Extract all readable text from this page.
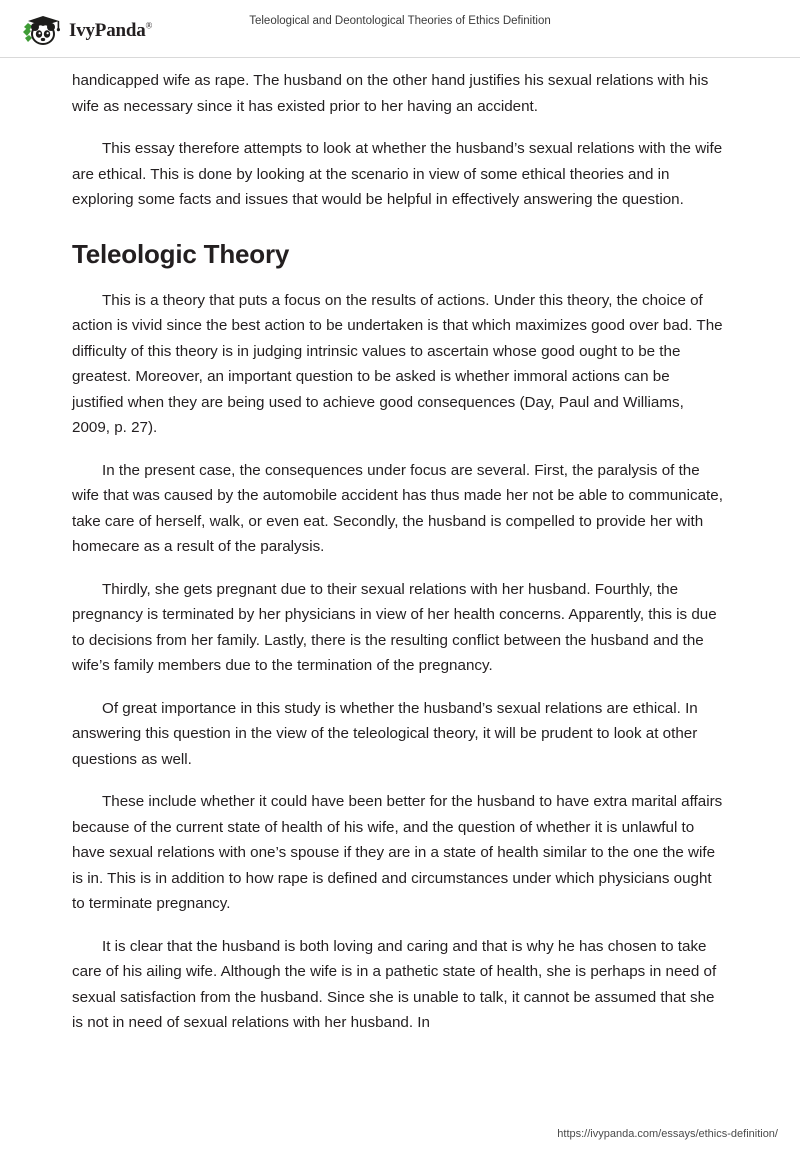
IvyPanda®	Teleological and Deontological Theories of Ethics Definition

handicapped wife as rape. The husband on the other hand justifies his sexual relations with his wife as necessary since it has existed prior to her having an accident.

This essay therefore attempts to look at whether the husband’s sexual relations with the wife are ethical. This is done by looking at the scenario in view of some ethical theories and in exploring some facts and issues that would be helpful in effectively answering the question.

Teleologic Theory

This is a theory that puts a focus on the results of actions. Under this theory, the choice of action is vivid since the best action to be undertaken is that which maximizes good over bad. The difficulty of this theory is in judging intrinsic values to ascertain whose good ought to be the greatest. Moreover, an important question to be asked is whether immoral actions can be justified when they are being used to achieve good consequences (Day, Paul and Williams, 2009, p. 27).

In the present case, the consequences under focus are several. First, the paralysis of the wife that was caused by the automobile accident has thus made her not be able to communicate, take care of herself, walk, or even eat. Secondly, the husband is compelled to provide her with homecare as a result of the paralysis.

Thirdly, she gets pregnant due to their sexual relations with her husband. Fourthly, the pregnancy is terminated by her physicians in view of her health concerns. Apparently, this is due to decisions from her family. Lastly, there is the resulting conflict between the husband and the wife’s family members due to the termination of the pregnancy.

Of great importance in this study is whether the husband’s sexual relations are ethical. In answering this question in the view of the teleological theory, it will be prudent to look at other questions as well.

These include whether it could have been better for the husband to have extra marital affairs because of the current state of health of his wife, and the question of whether it is unlawful to have sexual relations with one’s spouse if they are in a state of health similar to the one the wife is in. This is in addition to how rape is defined and circumstances under which physicians ought to terminate pregnancy.

It is clear that the husband is both loving and caring and that is why he has chosen to take care of his ailing wife. Although the wife is in a pathetic state of health, she is perhaps in need of sexual satisfaction from the husband. Since she is unable to talk, it cannot be assumed that she is not in need of sexual relations with her husband. In

https://ivypanda.com/essays/ethics-definition/
